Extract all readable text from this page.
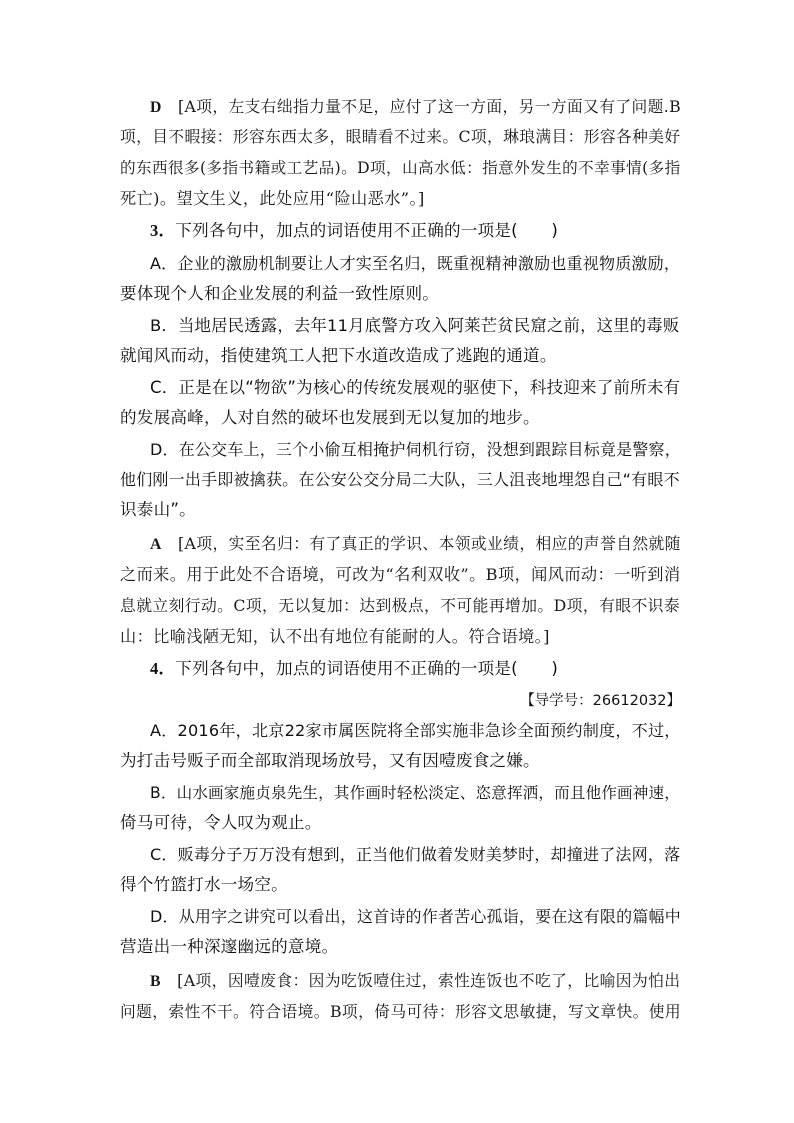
D [A项，左支右绌指力量不足，应付了这一方面，另一方面又有了问题.B
项，目不暇接：形容东西太多，眼睛看不过来。C项，琳琅满目：形容各种美好
的东西很多(多指书籍或工艺品)。D项，山高水低：指意外发生的不幸事情(多指
死亡)。望文生义，此处应用“险山恶水”。]
3．下列各句中，加点的词语使用不正确的一项是(　　)
A．企业的激励机制要让人才实至名归，既重视精神激励也重视物质激励，
要体现个人和企业发展的利益一致性原则。
B．当地居民透露，去年11月底警方攻入阿莱芒贫民窟之前，这里的毒贩
就闻风而动，指使建筑工人把下水道改造成了逃跑的通道。
C．正是在以“物欲”为核心的传统发展观的驱使下，科技迎来了前所未有
的发展高峰，人对自然的破坏也发展到无以复加的地步。
D．在公交车上，三个小偷互相掩护伺机行窃，没想到跟踪目标竟是警察，
他们刚一出手即被擒获。在公安公交分局二大队，三人沮丧地埋怨自己“有眼不
识泰山”。
A [A项，实至名归：有了真正的学识、本领或业绩，相应的声誉自然就随
之而来。用于此处不合语境，可改为“名利双收”。B项，闻风而动：一听到消
息就立刻行动。C项，无以复加：达到极点，不可能再增加。D项，有眼不识泰
山：比喻浅陋无知，认不出有地位有能耐的人。符合语境。]
4．下列各句中，加点的词语使用不正确的一项是(　　)
【导学号：26612032】
A．2016年，北京22家市属医院将全部实施非急诊全面预约制度，不过，
为打击号贩子而全部取消现场放号，又有因噎废食之嫌。
B．山水画家施贞泉先生，其作画时轻松淡定、恣意挥洒，而且他作画神速，
倚马可待，令人叹为观止。
C．贩毒分子万万没有想到，正当他们做着发财美梦时，却撞进了法网，落
得个竹篮打水一场空。
D．从用字之讲究可以看出，这首诗的作者苦心孤诣，要在这有限的篇幅中
营造出一种深邃幽远的意境。
B [A项，因噎废食：因为吃饭噎住过，索性连饭也不吃了，比喻因为怕出
问题，索性不干。符合语境。B项，倚马可待：形容文思敏捷，写文章快。使用
